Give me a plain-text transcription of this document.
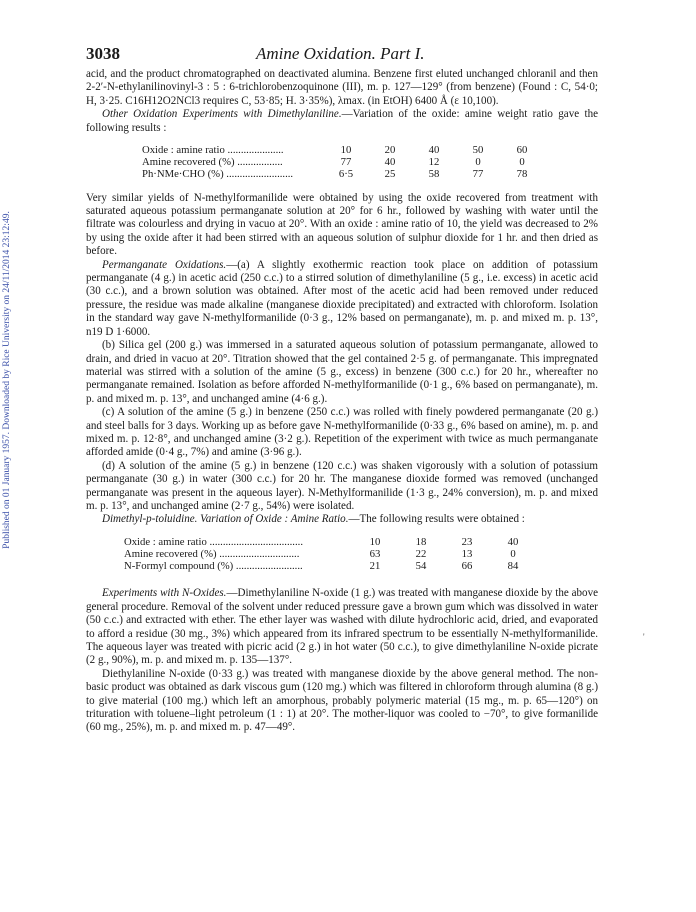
Published on 01 January 1957. Downloaded by Rice University on 24/11/2014 23:12:49.
3038	Amine Oxidation. Part I.

acid, and the product chromatographed on deactivated alumina. Benzene first eluted unchanged chloranil and then 2-2′-N-ethylanilinovinyl-3 : 5 : 6-trichlorobenzoquinone (III), m. p. 127—129° (from benzene) (Found : C, 54·0; H, 3·25. C16H12O2NCl3 requires C, 53·85; H. 3·35%), λmax. (in EtOH) 6400 Å (ε 10,100).

Other Oxidation Experiments with Dimethylaniline.—Variation of the oxide: amine weight ratio gave the following results :

Oxide : amine ratio .....................	10	20	40	50	60
Amine recovered (%) .................	77	40	12	0	0
Ph·NMe·CHO (%) .........................	6·5	25	58	77	78

Very similar yields of N-methylformanilide were obtained by using the oxide recovered from treatment with saturated aqueous potassium permanganate solution at 20° for 6 hr., followed by washing with water until the filtrate was colourless and drying in vacuo at 20°. With an oxide : amine ratio of 10, the yield was decreased to 2% by using the oxide after it had been stirred with an aqueous solution of sulphur dioxide for 1 hr. and then dried as before.

Permanganate Oxidations.—(a) A slightly exothermic reaction took place on addition of potassium permanganate (4 g.) in acetic acid (250 c.c.) to a stirred solution of dimethylaniline (5 g., i.e. excess) in acetic acid (30 c.c.), and a brown solution was obtained. After most of the acetic acid had been removed under reduced pressure, the residue was made alkaline (manganese dioxide precipitated) and extracted with chloroform. Isolation in the standard way gave N-methylformanilide (0·3 g., 12% based on permanganate), m. p. and mixed m. p. 13°, n19 D 1·6000.

(b) Silica gel (200 g.) was immersed in a saturated aqueous solution of potassium permanganate, allowed to drain, and dried in vacuo at 20°. Titration showed that the gel contained 2·5 g. of permanganate. This impregnated material was stirred with a solution of the amine (5 g., excess) in benzene (300 c.c.) for 20 hr., whereafter no permanganate remained. Isolation as before afforded N-methylformanilide (0·1 g., 6% based on permanganate), m. p. and mixed m. p. 13°, and unchanged amine (4·6 g.).

(c) A solution of the amine (5 g.) in benzene (250 c.c.) was rolled with finely powdered permanganate (20 g.) and steel balls for 3 days. Working up as before gave N-methylformanilide (0·33 g., 6% based on amine), m. p. and mixed m. p. 12·8°, and unchanged amine (3·2 g.). Repetition of the experiment with twice as much permanganate afforded amide (0·4 g., 7%) and amine (3·96 g.).

(d) A solution of the amine (5 g.) in benzene (120 c.c.) was shaken vigorously with a solution of potassium permanganate (30 g.) in water (300 c.c.) for 20 hr. The manganese dioxide formed was removed (unchanged permanganate was present in the aqueous layer). N-Methylformanilide (1·3 g., 24% conversion), m. p. and mixed m. p. 13°, and unchanged amine (2·7 g., 54%) were isolated.

Dimethyl-p-toluidine. Variation of Oxide : Amine Ratio.—The following results were obtained :

Oxide : amine ratio ...................................	10	18	23	40
Amine recovered (%) ..............................	63	22	13	0
N-Formyl compound (%) .........................	21	54	66	84

Experiments with N-Oxides.—Dimethylaniline N-oxide (1 g.) was treated with manganese dioxide by the above general procedure. Removal of the solvent under reduced pressure gave a brown gum which was dissolved in water (50 c.c.) and extracted with ether. The ether layer was washed with dilute hydrochloric acid, dried, and evaporated to afford a residue (30 mg., 3%) which appeared from its infrared spectrum to be essentially N-methylformanilide. The aqueous layer was treated with picric acid (2 g.) in hot water (50 c.c.), to give dimethylaniline N-oxide picrate (2 g., 90%), m. p. and mixed m. p. 135—137°.

Diethylaniline N-oxide (0·33 g.) was treated with manganese dioxide by the above general method. The non-basic product was obtained as dark viscous gum (120 mg.) which was filtered in chloroform through alumina (8 g.) to give material (100 mg.) which left an amorphous, probably polymeric material (15 mg., m. p. 65—120°) on trituration with toluene–light petroleum (1 : 1) at 20°. The mother-liquor was cooled to −70°, to give formanilide (60 mg., 25%), m. p. and mixed m. p. 47—49°.

'
